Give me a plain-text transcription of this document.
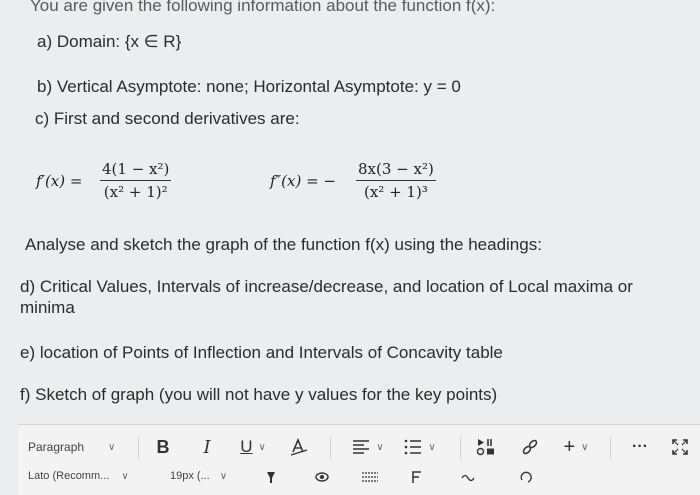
You are given the following information about the function f(x):
a) Domain: {x ∈ R}
b) Vertical Asymptote: none; Horizontal Asymptote: y = 0
c) First and second derivatives are:
$f'(x) = \frac{\text{4(1 − x²)}}{\text{(x² + 1)²}}$	f″(x) = − $\frac{\text{8x(3 − x²)}}{\text{(x² + 1)³}}$
Analyse and sketch the graph of the function f(x) using the headings:
d) Critical Values, Intervals of increase/decrease, and location of Local maxima or
minima
e) location of Points of Inflection and Intervals of Concavity table
f) Sketch of graph (you will not have y values for the key points)
Paragraph ∨ B	I	U ∨	∨	∨	+ ∨	···
Lato (Recomm... ∨	19px (... ∨
